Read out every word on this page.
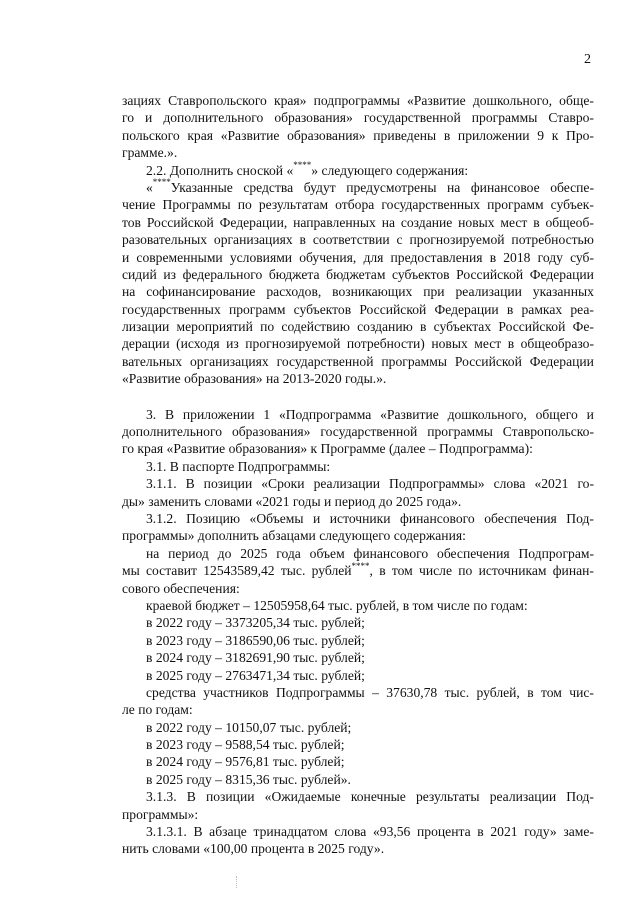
2
зациях Ставропольского края» подпрограммы «Развитие дошкольного, обще-
го и дополнительного образования» государственной программы Ставро-
польского края «Развитие образования» приведены в приложении 9 к Про-
грамме.».
2.2. Дополнить сноской «****» следующего содержания:
«****Указанные средства будут предусмотрены на финансовое обеспе-
чение Программы по результатам отбора государственных программ субъек-
тов Российской Федерации, направленных на создание новых мест в общеоб-
разовательных организациях в соответствии с прогнозируемой потребностью
и современными условиями обучения, для предоставления в 2018 году суб-
сидий из федерального бюджета бюджетам субъектов Российской Федерации
на софинансирование расходов, возникающих при реализации указанных
государственных программ субъектов Российской Федерации в рамках реа-
лизации мероприятий по содействию созданию в субъектах Российской Фе-
дерации (исходя из прогнозируемой потребности) новых мест в общеобразо-
вательных организациях государственной программы Российской Федерации
«Развитие образования» на 2013-2020 годы.».
3. В приложении 1 «Подпрограмма «Развитие дошкольного, общего и
дополнительного образования» государственной программы Ставропольско-
го края «Развитие образования» к Программе (далее – Подпрограмма):
3.1. В паспорте Подпрограммы:
3.1.1. В позиции «Сроки реализации Подпрограммы» слова «2021 го-
ды» заменить словами «2021 годы и период до 2025 года».
3.1.2. Позицию «Объемы и источники финансового обеспечения Под-
программы» дополнить абзацами следующего содержания:
на период до 2025 года объем финансового обеспечения Подпрограм-
мы составит 12543589,42 тыс. рублей****, в том числе по источникам финан-
сового обеспечения:
краевой бюджет – 12505958,64 тыс. рублей, в том числе по годам:
в 2022 году – 3373205,34 тыс. рублей;
в 2023 году – 3186590,06 тыс. рублей;
в 2024 году – 3182691,90 тыс. рублей;
в 2025 году – 2763471,34 тыс. рублей;
средства участников Подпрограммы – 37630,78 тыс. рублей, в том чис-
ле по годам:
в 2022 году – 10150,07 тыс. рублей;
в 2023 году – 9588,54 тыс. рублей;
в 2024 году – 9576,81 тыс. рублей;
в 2025 году – 8315,36 тыс. рублей».
3.1.3. В позиции «Ожидаемые конечные результаты реализации Под-
программы»:
3.1.3.1. В абзаце тринадцатом слова «93,56 процента в 2021 году» заме-
нить словами «100,00 процента в 2025 году».
